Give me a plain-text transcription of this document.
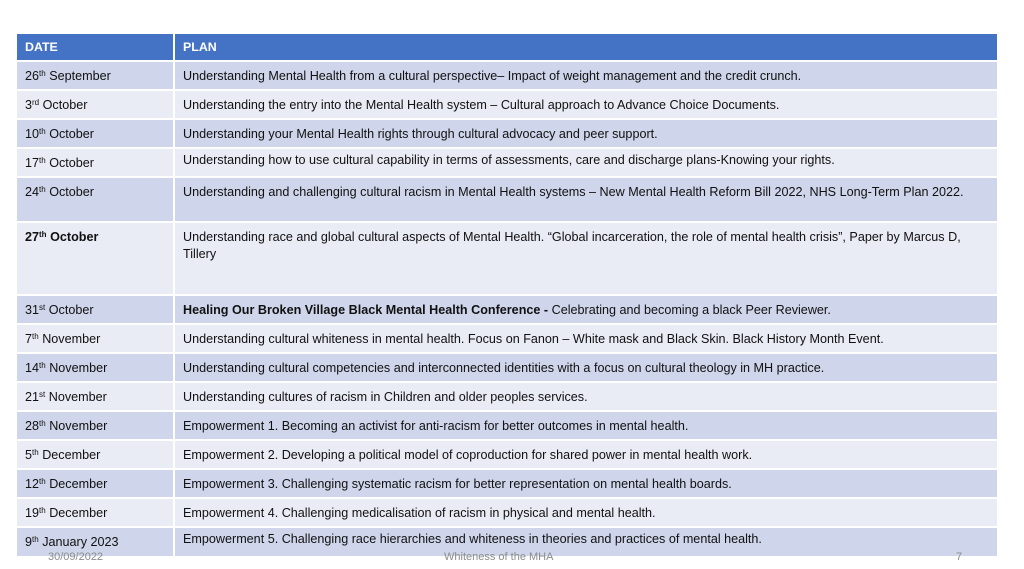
DATE	PLAN
26th September	Understanding Mental Health from a cultural perspective– Impact of weight management and the credit crunch.
3rd October	Understanding the entry into the Mental Health system – Cultural approach to Advance Choice Documents.
10th October	Understanding your Mental Health rights through cultural advocacy and peer support.
17th October	Understanding how to use cultural capability in terms of assessments, care and discharge plans-Knowing your rights.
24th October	Understanding and challenging cultural racism in Mental Health systems – New Mental Health Reform Bill 2022, NHS Long-Term Plan 2022.
27th October	Understanding race and global cultural aspects of Mental Health. “Global incarceration, the role of mental health crisis”, Paper by Marcus D, Tillery
31st October	Healing Our Broken Village Black Mental Health Conference - Celebrating and becoming a black Peer Reviewer.
7th November	Understanding cultural whiteness in mental health. Focus on Fanon – White mask and Black Skin. Black History Month Event.
14th November	Understanding cultural competencies and interconnected identities with a focus on cultural theology in MH practice.
21st November	Understanding cultures of racism in Children and older peoples services.
28th November	Empowerment 1. Becoming an activist for anti-racism for better outcomes in mental health.
5th December	Empowerment 2. Developing a political model of coproduction for shared power in mental health work.
12th December	Empowerment 3. Challenging systematic racism for better representation on mental health boards.
19th December	Empowerment 4. Challenging medicalisation of racism in physical and mental health.
9th January 2023	Empowerment 5. Challenging race hierarchies and whiteness in theories and practices of mental health.
30/09/2022	Whiteness of the MHA	7
